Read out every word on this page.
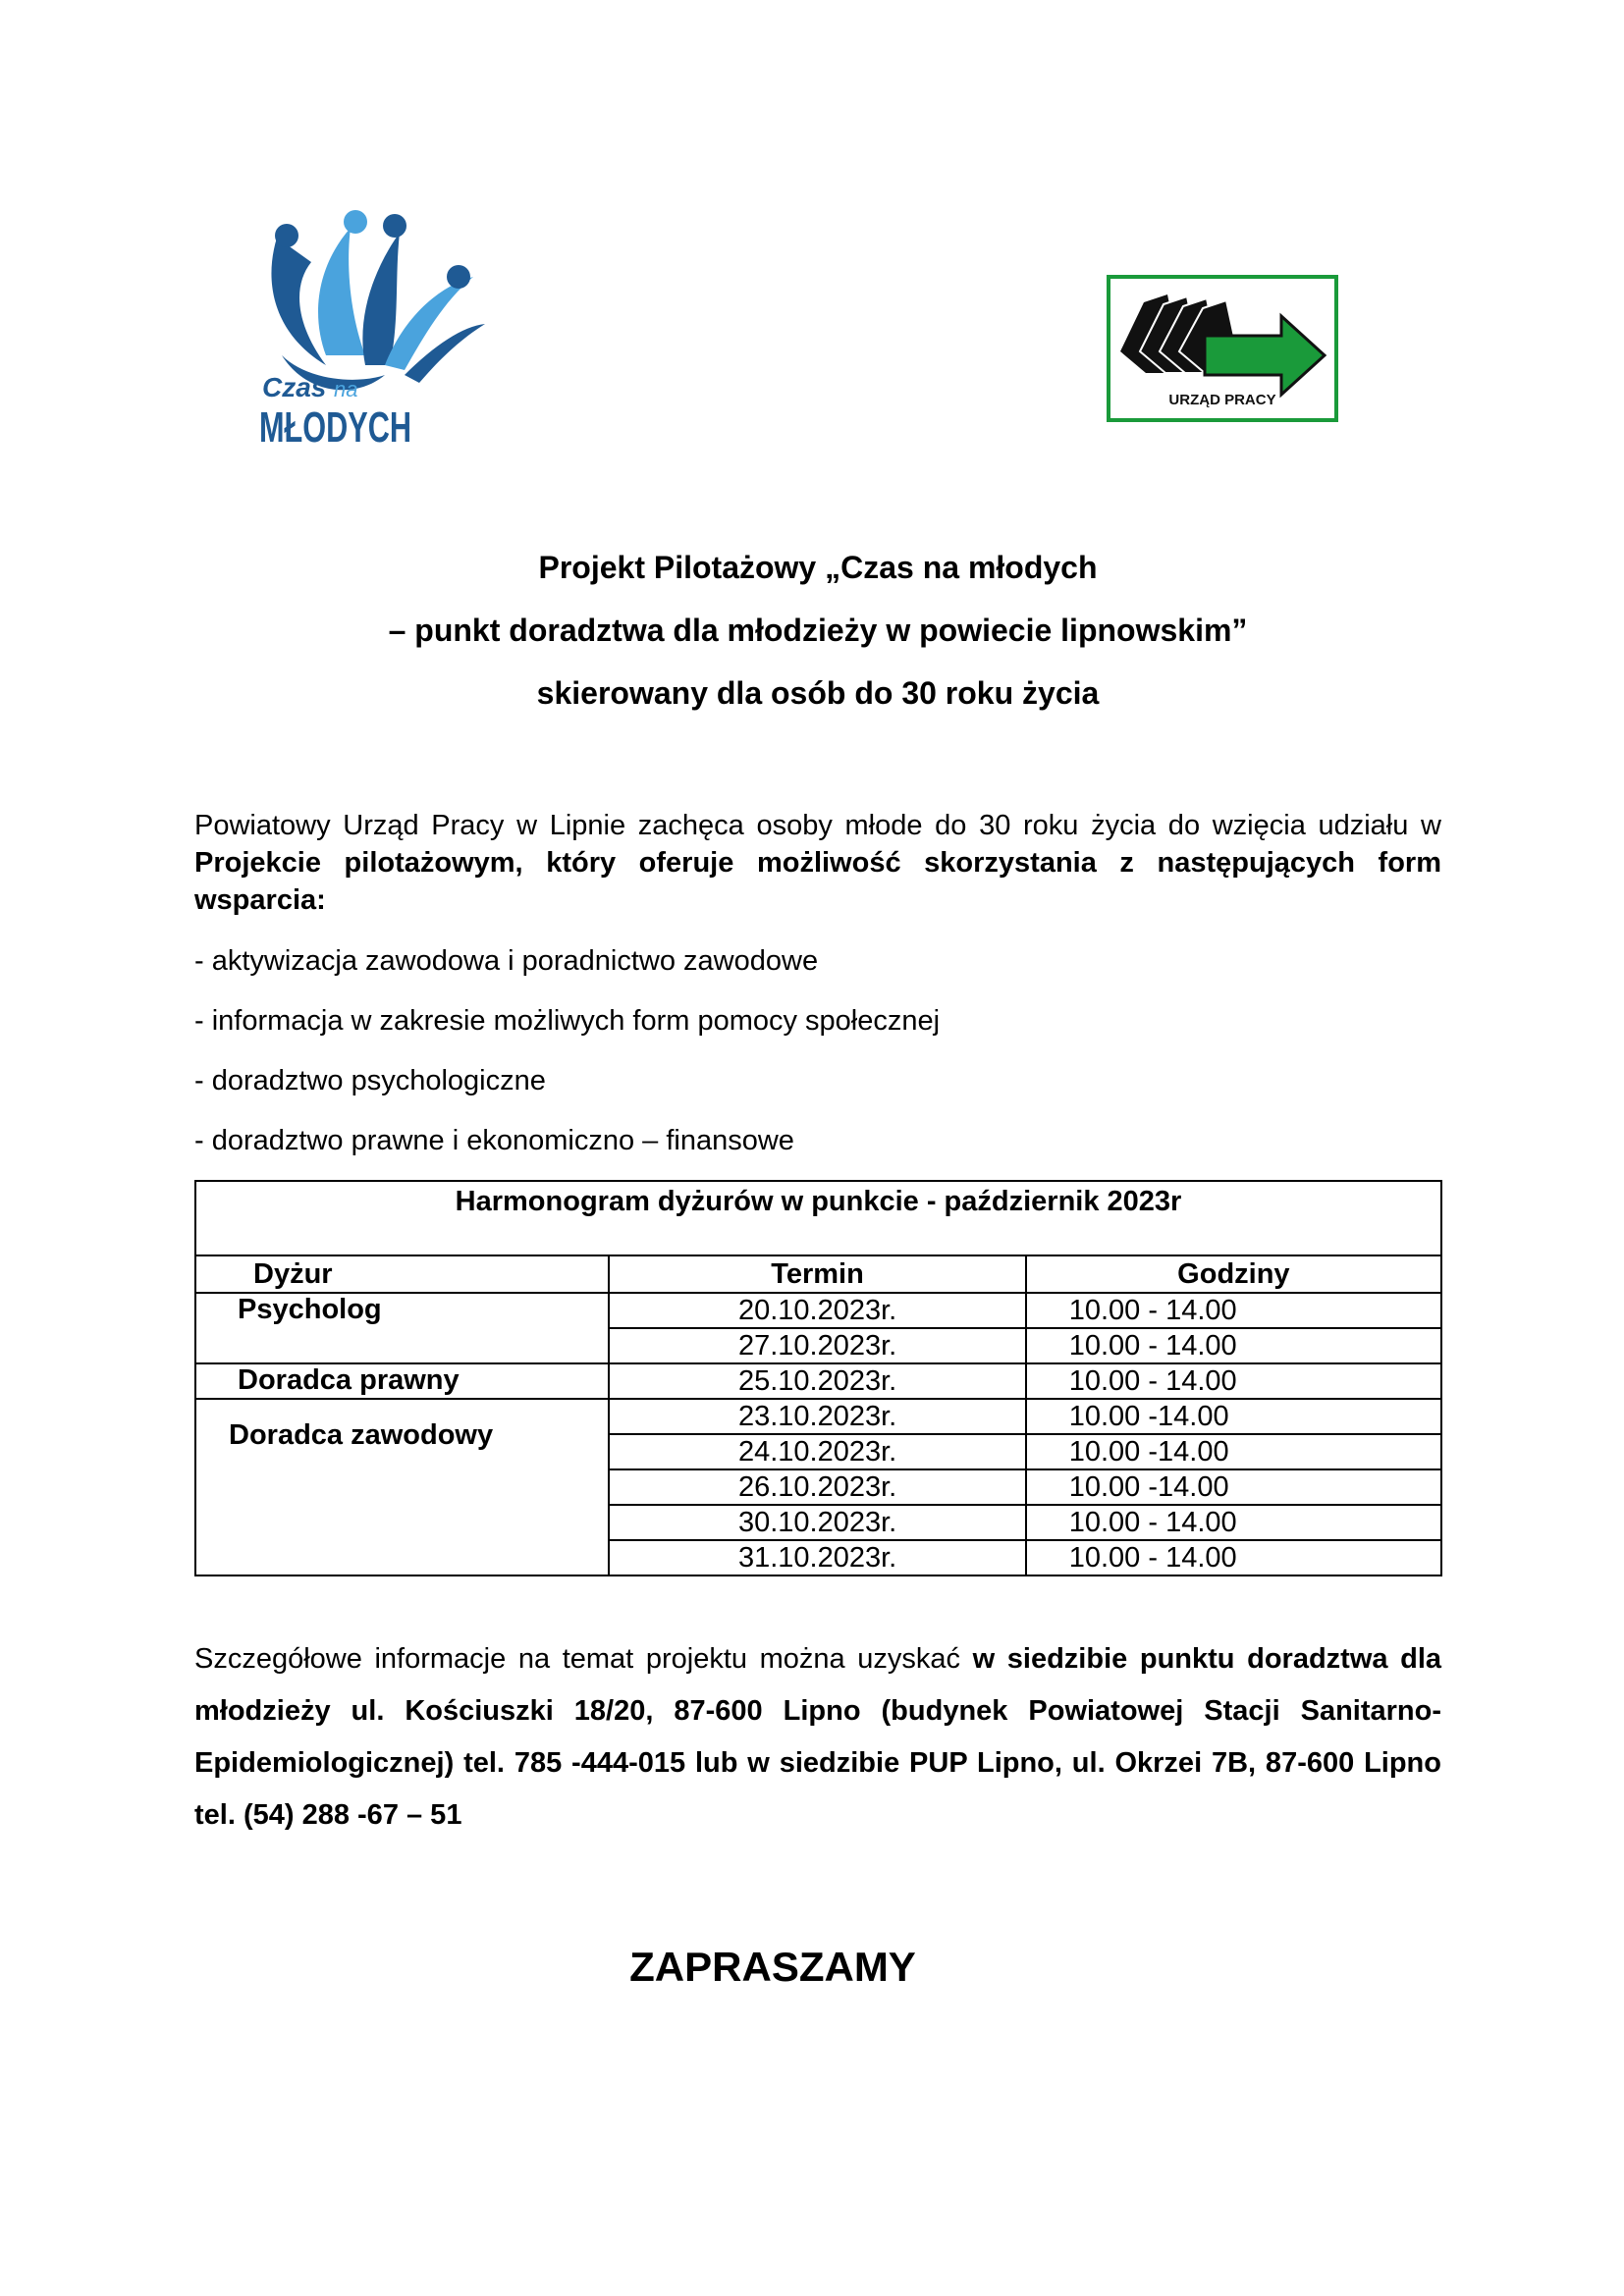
Czas na
MŁODYCH
URZĄD PRACY
Projekt Pilotażowy „Czas na młodych
– punkt doradztwa dla młodzieży w powiecie lipnowskim”
skierowany dla osób do 30 roku życia
Powiatowy Urząd Pracy w Lipnie zachęca osoby młode do 30 roku życia do wzięcia udziału w
Projekcie pilotażowym, który oferuje możliwość skorzystania z następujących form wsparcia:
- aktywizacja zawodowa i poradnictwo zawodowe
- informacja w zakresie możliwych form pomocy społecznej
- doradztwo psychologiczne
- doradztwo prawne i ekonomiczno – finansowe
Harmonogram dyżurów w punkcie - październik 2023r		
Dyżur	Termin	Godziny
Psycholog	20.10.2023r.	10.00 - 14.00
	27.10.2023r.	10.00 - 14.00
Doradca prawny	25.10.2023r.	10.00 - 14.00

Doradca zawodowy	23.10.2023r.	10.00 -14.00
	24.10.2023r.	10.00 -14.00
	26.10.2023r.	10.00 -14.00
	30.10.2023r.	10.00 - 14.00
	31.10.2023r.	10.00 - 14.00
Szczegółowe informacje na temat projektu można uzyskać w siedzibie punktu doradztwa dla młodzieży ul. Kościuszki 18/20, 87-600 Lipno (budynek Powiatowej Stacji Sanitarno- Epidemiologicznej) tel. 785 -444-015 lub w siedzibie PUP Lipno, ul. Okrzei 7B, 87-600 Lipno tel. (54) 288 -67 – 51
ZAPRASZAMY
